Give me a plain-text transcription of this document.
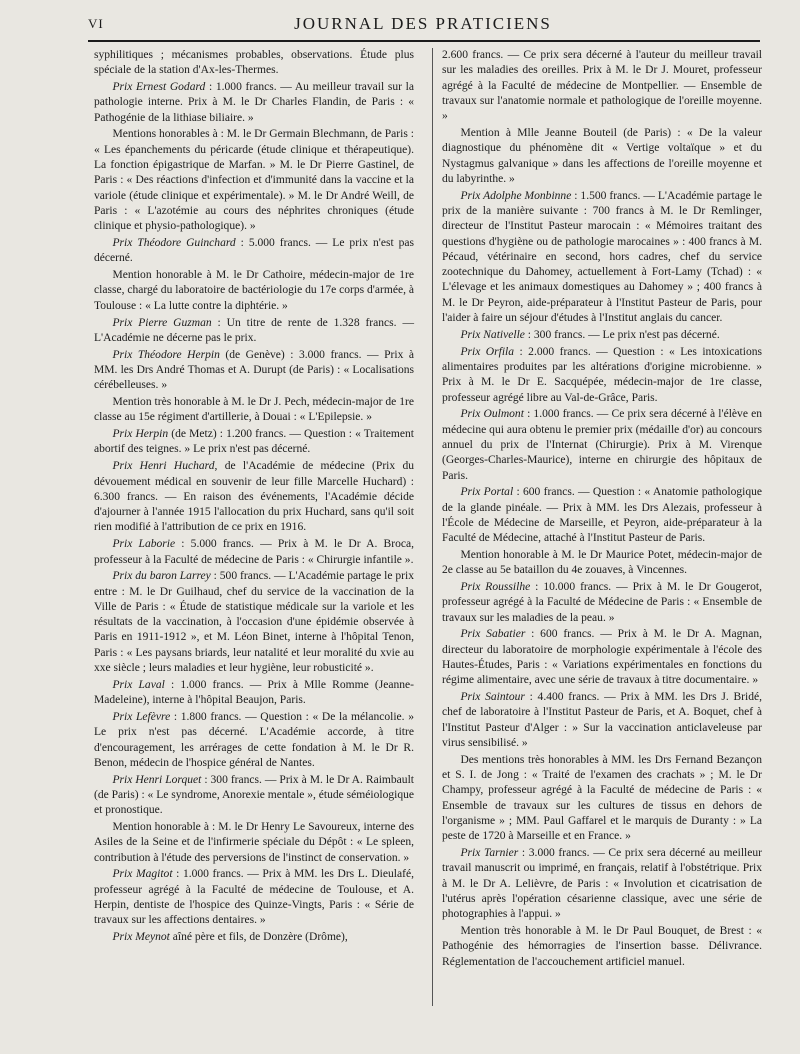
VI	JOURNAL DES PRATICIENS

syphilitiques ; mécanismes probables, observations. Étude plus spéciale de la station d'Ax-les-Thermes.

Prix Ernest Godard : 1.000 francs. — Au meilleur travail sur la pathologie interne. Prix à M. le Dr Charles Flandin, de Paris : « Pathogénie de la lithiase biliaire. »

Mentions honorables à : M. le Dr Germain Blechmann, de Paris : « Les épanchements du péricarde (étude clinique et thérapeutique). La fonction épigastrique de Marfan. » M. le Dr Pierre Gastinel, de Paris : « Des réactions d'infection et d'immunité dans la vaccine et la variole (étude clinique et expérimentale). » M. le Dr André Weill, de Paris : « L'azotémie au cours des néphrites chroniques (étude clinique et physio-pathologique). »

Prix Théodore Guinchard : 5.000 francs. — Le prix n'est pas décerné.

Mention honorable à M. le Dr Cathoire, médecin-major de 1re classe, chargé du laboratoire de bactériologie du 17e corps d'armée, à Toulouse : « La lutte contre la diphtérie. »

Prix Pierre Guzman : Un titre de rente de 1.328 francs. — L'Académie ne décerne pas le prix.

Prix Théodore Herpin (de Genève) : 3.000 francs. — Prix à MM. les Drs André Thomas et A. Durupt (de Paris) : « Localisations cérébelleuses. »

Mention très honorable à M. le Dr J. Pech, médecin-major de 1re classe au 15e régiment d'artillerie, à Douai : « L'Epilepsie. »

Prix Herpin (de Metz) : 1.200 francs. — Question : « Traitement abortif des teignes. » Le prix n'est pas décerné.

Prix Henri Huchard, de l'Académie de médecine (Prix du dévouement médical en souvenir de leur fille Marcelle Huchard) : 6.300 francs. — En raison des événements, l'Académie décide d'ajourner à l'année 1915 l'allocation du prix Huchard, sans qu'il soit rien modifié à l'attribution de ce prix en 1916.

Prix Laborie : 5.000 francs. — Prix à M. le Dr A. Broca, professeur à la Faculté de médecine de Paris : « Chirurgie infantile ».

Prix du baron Larrey : 500 francs. — L'Académie partage le prix entre : M. le Dr Guilhaud, chef du service de la vaccination de la Ville de Paris : « Étude de statistique médicale sur la variole et les résultats de la vaccination, à l'occasion d'une épidémie observée à Paris en 1911-1912 », et M. Léon Binet, interne à l'hôpital Tenon, Paris : « Les paysans briards, leur natalité et leur moralité du xvie au xxe siècle ; leurs maladies et leur hygiène, leur robusticité ».

Prix Laval : 1.000 francs. — Prix à Mlle Romme (Jeanne-Madeleine), interne à l'hôpital Beaujon, Paris.

Prix Lefèvre : 1.800 francs. — Question : « De la mélancolie. » Le prix n'est pas décerné. L'Académie accorde, à titre d'encouragement, les arrérages de cette fondation à M. le Dr R. Benon, médecin de l'hospice général de Nantes.

Prix Henri Lorquet : 300 francs. — Prix à M. le Dr A. Raimbault (de Paris) : « Le syndrome, Anorexie mentale », étude séméiologique et pronostique.

Mention honorable à : M. le Dr Henry Le Savoureux, interne des Asiles de la Seine et de l'infirmerie spéciale du Dépôt : « Le spleen, contribution à l'étude des perversions de l'instinct de conservation. »

Prix Magitot : 1.000 francs. — Prix à MM. les Drs L. Dieulafé, professeur agrégé à la Faculté de médecine de Toulouse, et A. Herpin, dentiste de l'hospice des Quinze-Vingts, Paris : « Série de travaux sur les affections dentaires. »

Prix Meynot aîné père et fils, de Donzère (Drôme),

2.600 francs. — Ce prix sera décerné à l'auteur du meilleur travail sur les maladies des oreilles. Prix à M. le Dr J. Mouret, professeur agrégé à la Faculté de médecine de Montpellier. — Ensemble de travaux sur l'anatomie normale et pathologique de l'oreille moyenne. »

Mention à Mlle Jeanne Bouteil (de Paris) : « De la valeur diagnostique du phénomène dit « Vertige voltaïque » et du Nystagmus galvanique » dans les affections de l'oreille moyenne et du labyrinthe. »

Prix Adolphe Monbinne : 1.500 francs. — L'Académie partage le prix de la manière suivante : 700 francs à M. le Dr Remlinger, directeur de l'Institut Pasteur marocain : « Mémoires traitant des questions d'hygiène ou de pathologie marocaines » : 400 francs à M. Pécaud, vétérinaire en second, hors cadres, chef du service zootechnique du Dahomey, actuellement à Fort-Lamy (Tchad) : « L'élevage et les animaux domestiques au Dahomey » ; 400 francs à M. le Dr Peyron, aide-préparateur à l'Institut Pasteur de Paris, pour l'aider à faire un séjour d'études à l'Institut anglais du cancer.

Prix Nativelle : 300 francs. — Le prix n'est pas décerné.

Prix Orfila : 2.000 francs. — Question : « Les intoxications alimentaires produites par les altérations d'origine microbienne. » Prix à M. le Dr E. Sacquépée, médecin-major de 1re classe, professeur agrégé libre au Val-de-Grâce, Paris.

Prix Oulmont : 1.000 francs. — Ce prix sera décerné à l'élève en médecine qui aura obtenu le premier prix (médaille d'or) au concours annuel du prix de l'Internat (Chirurgie). Prix à M. Virenque (Georges-Charles-Maurice), interne en chirurgie des hôpitaux de Paris.

Prix Portal : 600 francs. — Question : « Anatomie pathologique de la glande pinéale. — Prix à MM. les Drs Alezais, professeur à l'École de Médecine de Marseille, et Peyron, aide-préparateur à la Faculté de Médecine, attaché à l'Institut Pasteur de Paris.

Mention honorable à M. le Dr Maurice Potet, médecin-major de 2e classe au 5e bataillon du 4e zouaves, à Vincennes.

Prix Roussilhe : 10.000 francs. — Prix à M. le Dr Gougerot, professeur agrégé à la Faculté de Médecine de Paris : « Ensemble de travaux sur les maladies de la peau. »

Prix Sabatier : 600 francs. — Prix à M. le Dr A. Magnan, directeur du laboratoire de morphologie expérimentale à l'école des Hautes-Études, Paris : « Variations expérimentales en fonctions du régime alimentaire, avec une série de travaux à titre documentaire. »

Prix Saintour : 4.400 francs. — Prix à MM. les Drs J. Bridé, chef de laboratoire à l'Institut Pasteur de Paris, et A. Boquet, chef à l'Institut Pasteur d'Alger : » Sur la vaccination anticlaveleuse par virus sensibilisé. »

Des mentions très honorables à MM. les Drs Fernand Bezançon et S. I. de Jong : « Traité de l'examen des crachats » ; M. le Dr Champy, professeur agrégé à la Faculté de médecine de Paris : « Ensemble de travaux sur les cultures de tissus en dehors de l'organisme » ; MM. Paul Gaffarel et le marquis de Duranty : » La peste de 1720 à Marseille et en France. »

Prix Tarnier : 3.000 francs. — Ce prix sera décerné au meilleur travail manuscrit ou imprimé, en français, relatif à l'obstétrique. Prix à M. le Dr A. Lelièvre, de Paris : « Involution et cicatrisation de l'utérus après l'opération césarienne classique, avec une série de photographies à l'appui. »

Mention très honorable à M. le Dr Paul Bouquet, de Brest : « Pathogénie des hémorragies de l'insertion basse. Délivrance. Réglementation de l'accouchement artificiel manuel.
